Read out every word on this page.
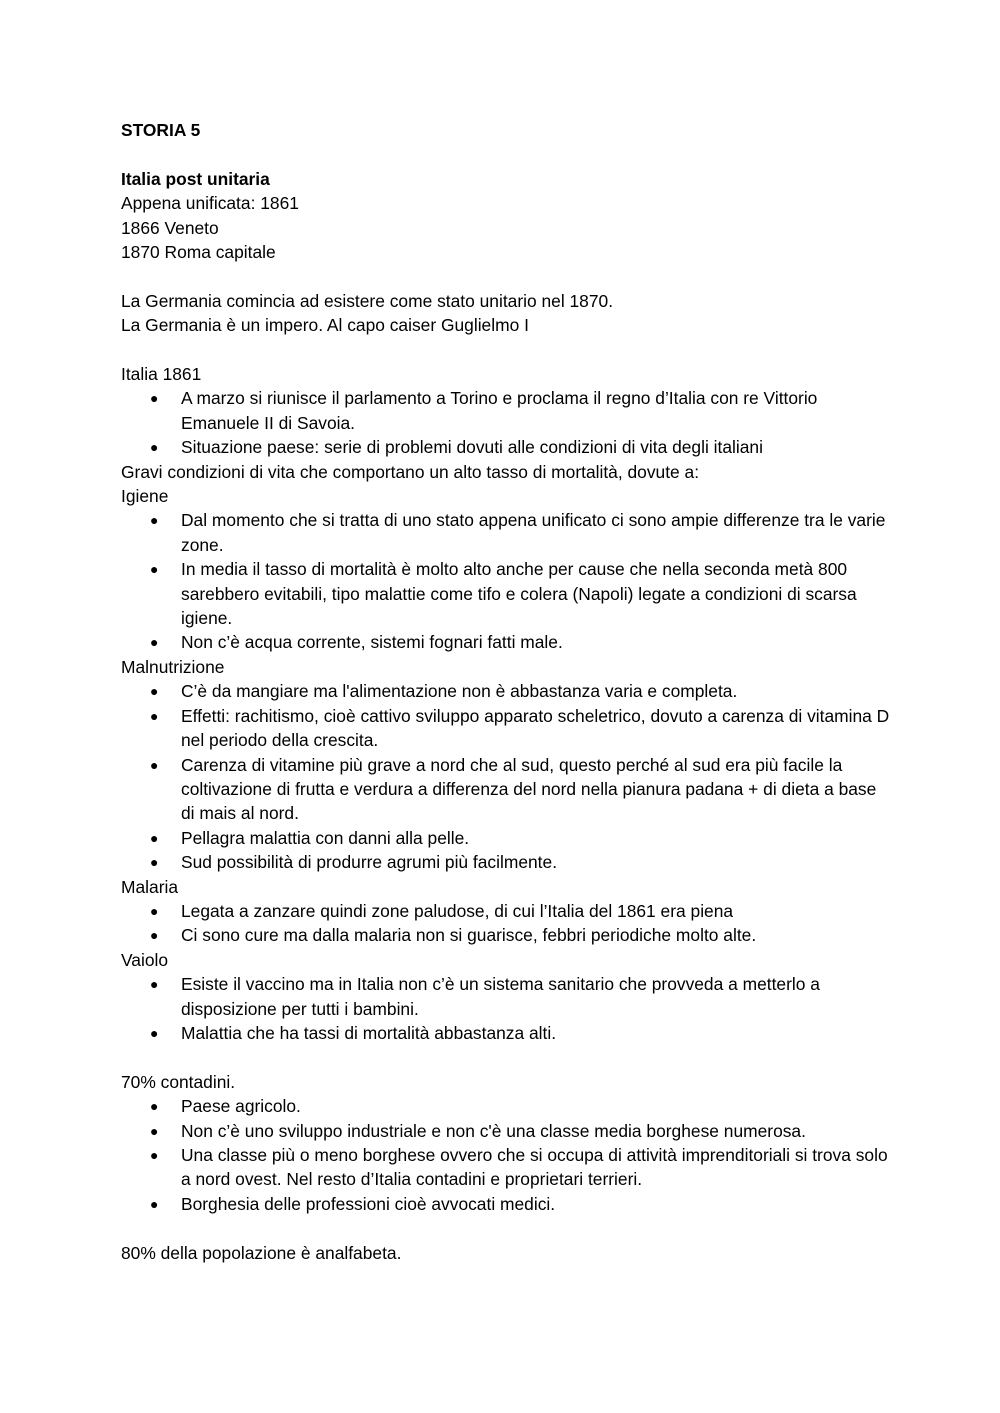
STORIA 5

Italia post unitaria

Appena unificata: 1861

1866 Veneto

1870 Roma capitale

La Germania comincia ad esistere come stato unitario nel 1870.

La Germania è un impero. Al capo caiser Guglielmo I

Italia 1861

● A marzo si riunisce il parlamento a Torino e proclama il regno d’Italia con re Vittorio Emanuele II di Savoia.
● Situazione paese: serie di problemi dovuti alle condizioni di vita degli italiani

Gravi condizioni di vita che comportano un alto tasso di mortalità, dovute a:

Igiene

● Dal momento che si tratta di uno stato appena unificato ci sono ampie differenze tra le varie zone.
● In media il tasso di mortalità è molto alto anche per cause che nella seconda metà 800 sarebbero evitabili, tipo malattie come tifo e colera (Napoli) legate a condizioni di scarsa igiene.
● Non c’è acqua corrente, sistemi fognari fatti male.

Malnutrizione

● C’è da mangiare ma l'alimentazione non è abbastanza varia e completa.
● Effetti: rachitismo, cioè cattivo sviluppo apparato scheletrico, dovuto a carenza di vitamina D nel periodo della crescita.
● Carenza di vitamine più grave a nord che al sud, questo perché al sud era più facile la coltivazione di frutta e verdura a differenza del nord nella pianura padana + di dieta a base di mais al nord.
● Pellagra malattia con danni alla pelle.
● Sud possibilità di produrre agrumi più facilmente.

Malaria

● Legata a zanzare quindi zone paludose, di cui l’Italia del 1861 era piena
● Ci sono cure ma dalla malaria non si guarisce, febbri periodiche molto alte.

Vaiolo

● Esiste il vaccino ma in Italia non c’è un sistema sanitario che provveda a metterlo a disposizione per tutti i bambini.
● Malattia che ha tassi di mortalità abbastanza alti.

70% contadini.

● Paese agricolo.
● Non c’è uno sviluppo industriale e non c'è una classe media borghese numerosa.
● Una classe più o meno borghese ovvero che si occupa di attività imprenditoriali si trova solo a nord ovest. Nel resto d’Italia contadini e proprietari terrieri.
● Borghesia delle professioni cioè avvocati medici.

80% della popolazione è analfabeta.
